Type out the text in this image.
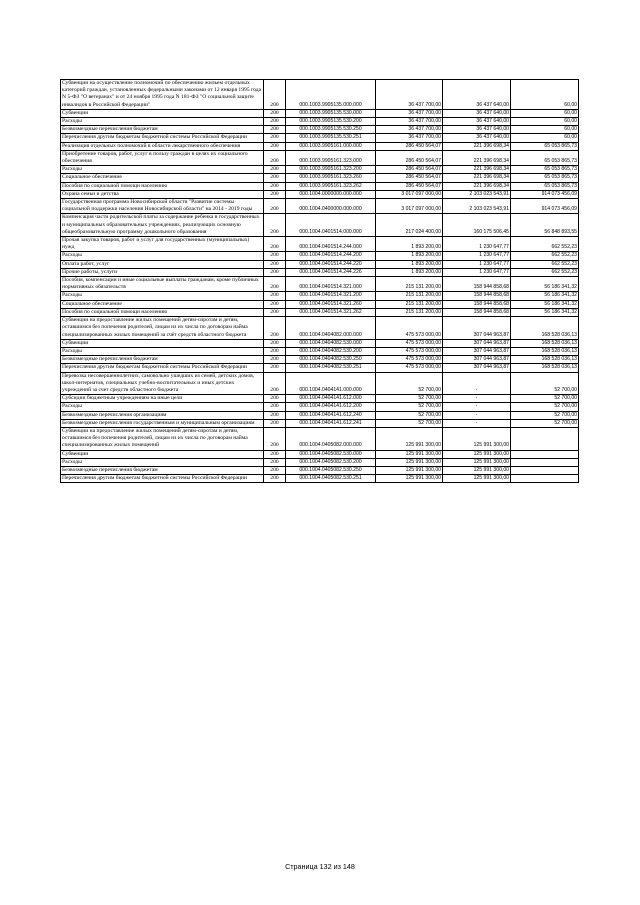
Субвенции на осуществление полномочий по обеспечению жильем отдельных категорий граждан, установленных федеральными законами от 12 января 1995 года N 5-ФЗ "О ветеранах" и от 24 ноября 1995 года N 181-ФЗ "О социальной защите инвалидов в Российской Федерации"	200	000.1003.9905135.000.000	36 437 700,00	36 437 640,00	60,00
Субвенции	200	000.1003.9905135.530.000	36 437 700,00	36 437 640,00	60,00
Расходы	200	000.1003.9905135.530.200	36 437 700,00	36 437 640,00	60,00
Безвозмездные перечисления бюджетам	200	000.1003.9905135.530.250	36 437 700,00	36 437 640,00	60,00
Перечисления другим бюджетам бюджетной системы Российской Федерации	200	000.1003.9905135.530.251	36 437 700,00	36 437 640,00	60,00
Реализация отдельных полномочий в области лекарственного обеспечения	200	000.1003.9905161.000.000	286 450 564,07	221 396 698,34	65 053 865,73
Приобретение товаров, работ, услуг в пользу граждан в целях их социального обеспечения	200	000.1003.9905161.323.000	286 450 564,07	221 396 698,34	65 053 865,73
Расходы	200	000.1003.9905161.323.200	286 450 564,07	221 396 698,34	65 053 865,73
Социальное обеспечение	200	000.1003.9905161.323.260	286 450 564,07	221 396 698,34	65 053 865,73
Пособия по социальной помощи населению	200	000.1003.9905161.323.262	286 450 564,07	221 396 698,34	65 053 865,73
Охрана семьи и детства	200	000.1004.0000000.000.000	3 017 097 000,00	2 103 023 543,91	914 073 456,09
Государственная программа Новосибирской области "Развитие системы социальной поддержки населения Новосибирской области" на 2014 - 2019 годы	200	000.1004.0400000.000.000	3 017 097 000,00	2 103 023 543,91	914 073 456,09
Компенсация части родительской платы за содержание ребенка в государственных и муниципальных образовательных учреждениях, реализующих основную общеобразовательную программу дошкольного образования	200	000.1004.0401514.000.000	217 024 400,00	160 175 506,45	56 848 893,55
Прочая закупка товаров, работ и услуг для государственных (муниципальных) нужд	200	000.1004.0401514.244.000	1 893 200,00	1 230 647,77	662 552,23
Расходы	200	000.1004.0401514.244.200	1 893 200,00	1 230 647,77	662 552,23
Оплата работ, услуг	200	000.1004.0401514.244.220	1 893 200,00	1 230 647,77	662 552,23
Прочие работы, услуги	200	000.1004.0401514.244.226	1 893 200,00	1 230 647,77	662 552,23
Пособия, компенсации и иные социальные выплаты гражданам, кроме публичных нормативных обязательств	200	000.1004.0401514.321.000	215 131 200,00	158 944 858,68	56 186 341,32
Расходы	200	000.1004.0401514.321.200	215 131 200,00	158 944 858,68	56 186 341,32
Социальное обеспечение	200	000.1004.0401514.321.260	215 131 200,00	158 944 858,68	56 186 341,32
Пособия по социальной помощи населению	200	000.1004.0401514.321.262	215 131 200,00	158 944 858,68	56 186 341,32
Субвенции на предоставление жилых помещений детям-сиротам и детям, оставшимся без попечения родителей, лицам из их числа по договорам найма специализированных жилых помещений за счёт средств областного бюджета	200	000.1004.0404082.000.000	475 573 000,00	307 044 963,87	168 528 036,13
Субвенции	200	000.1004.0404082.530.000	475 573 000,00	307 044 963,87	168 528 036,13
Расходы	200	000.1004.0404082.530.200	475 573 000,00	307 044 963,87	168 528 036,13
Безвозмездные перечисления бюджетам	200	000.1004.0404082.530.250	475 573 000,00	307 044 963,87	168 528 036,13
Перечисления другим бюджетам бюджетной системы Российской Федерации	200	000.1004.0404082.530.251	475 573 000,00	307 044 963,87	168 528 036,13
Перевозка несовершеннолетних, самовольно ушедших из семей, детских домов, школ-интернатов, специальных учебно-воспитательных и иных детских учреждений за счет средств областного бюджета	200	000.1004.0404141.000.000	52 700,00	-	52 700,00
Субсидии бюджетным учреждениям на иные цели	200	000.1004.0404141.612.000	52 700,00	-	52 700,00
Расходы	200	000.1004.0404141.612.200	52 700,00	-	52 700,00
Безвозмездные перечисления организациям	200	000.1004.0404141.612.240	52 700,00	-	52 700,00
Безвозмездные перечисления государственным и муниципальным организациям	200	000.1004.0404141.612.241	52 700,00	-	52 700,00
Субвенции на предоставление жилых помещений детям-сиротам и детям, оставшимся без попечения родителей, лицам из их числа по договорам найма специализированных жилых помещений	200	000.1004.0405082.000.000	125 991 300,00	125 991 300,00	
Субвенции	200	000.1004.0405082.530.000	125 991 300,00	125 991 300,00	
Расходы	200	000.1004.0405082.530.200	125 991 300,00	125 991 300,00	
Безвозмездные перечисления бюджетам	200	000.1004.0405082.530.250	125 991 300,00	125 991 300,00	
Перечисления другим бюджетам бюджетной системы Российской Федерации	200	000.1004.0405082.530.251	125 991 300,00	125 991 300,00	
Страница 132 из 148
